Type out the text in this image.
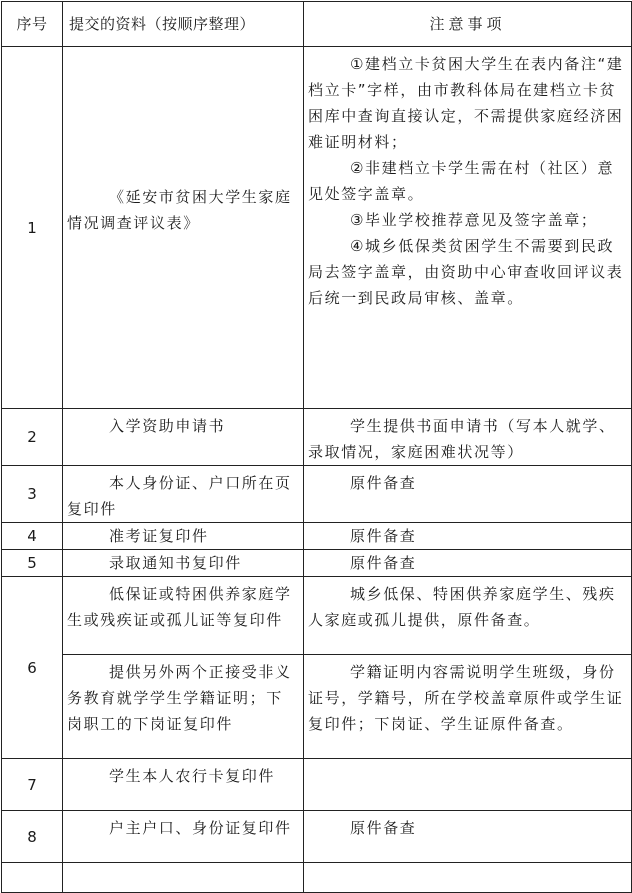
序号	提交的资料（按顺序整理）	注意事项
1	《延安市贫困大学生家庭情况调查评议表》	①建档立卡贫困大学生在表内备注“建档立卡”字样，由市教科体局在建档立卡贫困库中查询直接认定，不需提供家庭经济困难证明材料；

②非建档立卡学生需在村（社区）意见处签字盖章。

③毕业学校推荐意见及签字盖章；

④城乡低保类贫困学生不需要到民政局去签字盖章，由资助中心审查收回评议表后统一到民政局审核、盖章。

2	入学资助申请书	学生提供书面申请书（写本人就学、录取情况，家庭困难状况等）
3	本人身份证、户口所在页复印件	原件备查
4	准考证复印件	原件备查
5	录取通知书复印件	原件备查
6	低保证或特困供养家庭学生或残疾证或孤儿证等复印件	城乡低保、特困供养家庭学生、残疾人家庭或孤儿提供，原件备查。
	提供另外两个正接受非义务教育就学学生学籍证明；下岗职工的下岗证复印件	学籍证明内容需说明学生班级，身份证号，学籍号，所在学校盖章原件或学生证复印件；下岗证、学生证原件备查。
7	学生本人农行卡复印件	
8	户主户口、身份证复印件	原件备查
